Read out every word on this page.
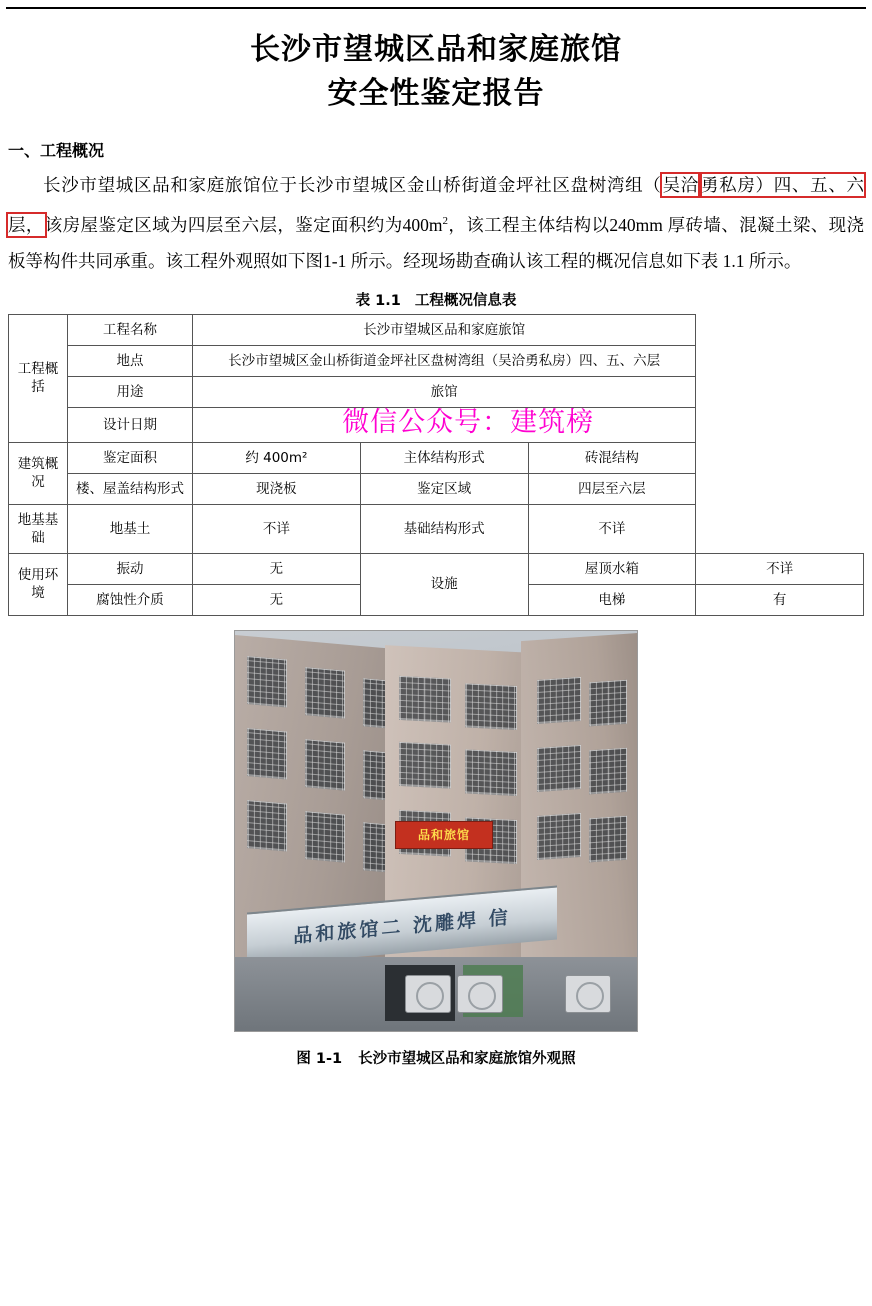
长沙市望城区品和家庭旅馆
安全性鉴定报告
一、工程概况

长沙市望城区品和家庭旅馆位于长沙市望城区金山桥街道金坪社区盘树湾组（吴洽 勇私房）四、五、六层，该房屋鉴定区域为四层至六层，鉴定面积约为$400m^2$，该工程主体结构以240mm 厚砖墙、混凝土梁、现浇板等构件共同承重。该工程外观照如下图1-1 所示。经现场勘查确认该工程的概况信息如下表 1.1 所示。

表 1.1 工程概况信息表
工程概括	工程名称	长沙市望城区品和家庭旅馆			
	地点	长沙市望城区金山桥街道金坪社区盘树湾组（吴洽勇私房）四、五、六层			
	用途	旅馆			
	设计日期	微信公众号：建筑榜			
建筑概况	鉴定面积	约 400m²	主体结构形式	砖混结构	
	楼、屋盖结构形式	现浇板	鉴定区域	四层至六层	
地基基础	地基土	不详	基础结构形式	不详	
使用环境	振动	无	设施	屋顶水箱	不详
	腐蚀性介质	无		电梯	有
品和旅馆
品和旅馆二 沈雕焊 信
图 1-1 长沙市望城区品和家庭旅馆外观照
